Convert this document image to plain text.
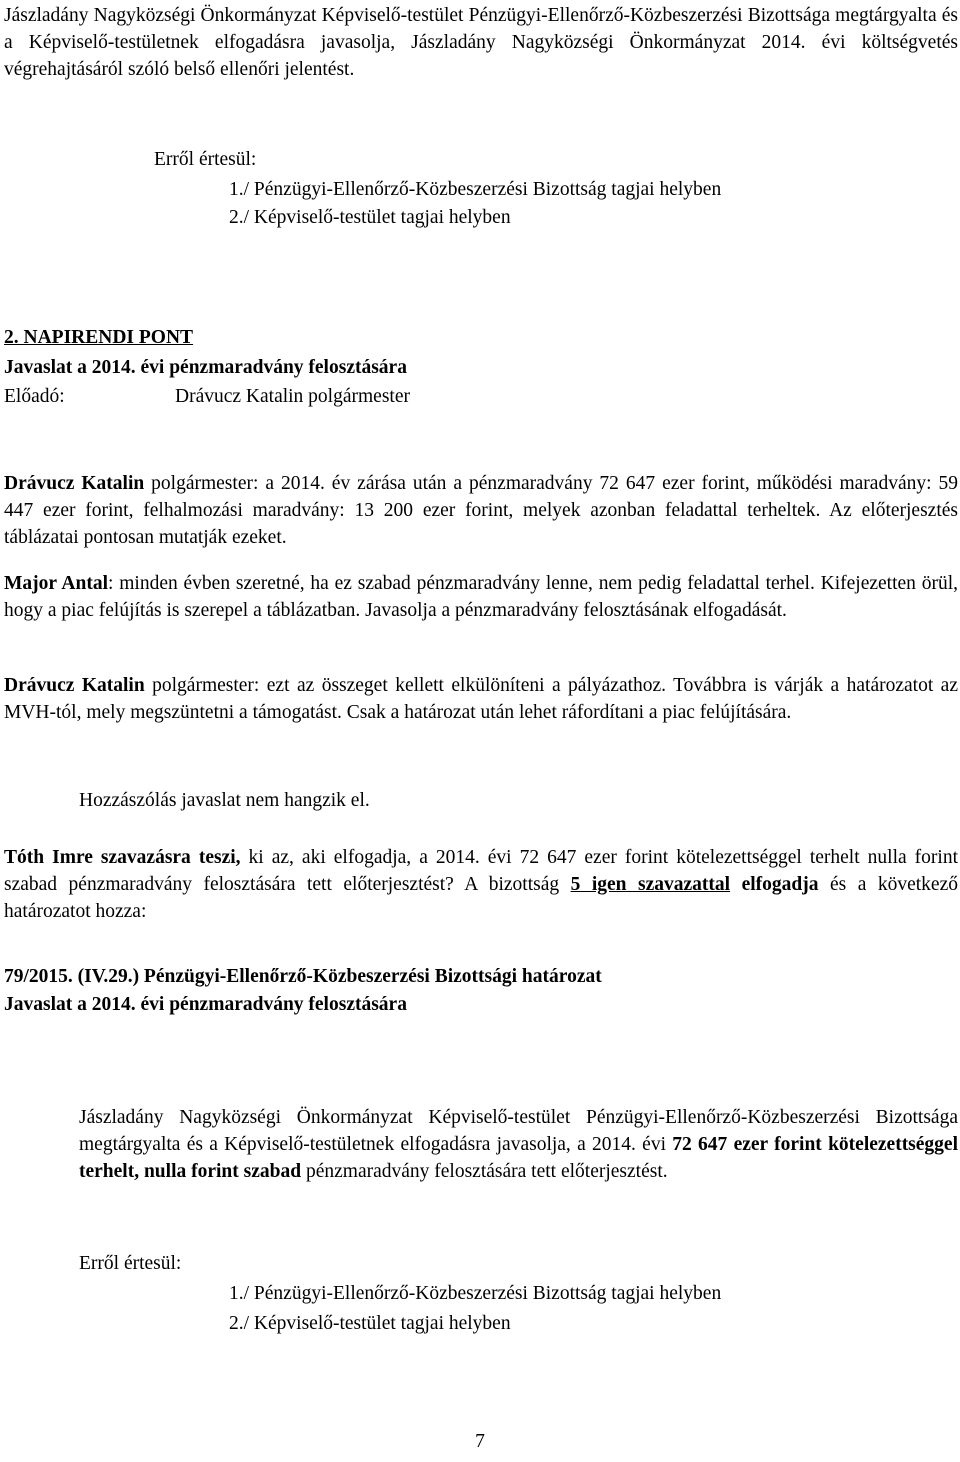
Jászladány Nagyközségi Önkormányzat Képviselő-testület Pénzügyi-Ellenőrző-Közbeszerzési Bizottsága megtárgyalta és a Képviselő-testületnek elfogadásra javasolja, Jászladány Nagyközségi Önkormányzat 2014. évi költségvetés végrehajtásáról szóló belső ellenőri jelentést.

Erről értesül:
1./ Pénzügyi-Ellenőrző-Közbeszerzési Bizottság tagjai helyben
2./ Képviselő-testület tagjai helyben
2. NAPIRENDI PONT
Javaslat a 2014. évi pénzmaradvány felosztására
Előadó:	Drávucz Katalin polgármester

Drávucz Katalin polgármester: a 2014. év zárása után a pénzmaradvány 72 647 ezer forint, működési maradvány: 59 447 ezer forint, felhalmozási maradvány: 13 200 ezer forint, melyek azonban feladattal terheltek. Az előterjesztés táblázatai pontosan mutatják ezeket.

Major Antal: minden évben szeretné, ha ez szabad pénzmaradvány lenne, nem pedig feladattal terhel. Kifejezetten örül, hogy a piac felújítás is szerepel a táblázatban. Javasolja a pénzmaradvány felosztásának elfogadását.

Drávucz Katalin polgármester: ezt az összeget kellett elkülöníteni a pályázathoz. Továbbra is várják a határozatot az MVH-tól, mely megszüntetni a támogatást. Csak a határozat után lehet ráfordítani a piac felújítására.

Hozzászólás javaslat nem hangzik el.

Tóth Imre szavazásra teszi, ki az, aki elfogadja, a 2014. évi 72 647 ezer forint kötelezettséggel terhelt nulla forint szabad pénzmaradvány felosztására tett előterjesztést? A bizottság 5 igen szavazattal elfogadja és a következő határozatot hozza:

79/2015. (IV.29.) Pénzügyi-Ellenőrző-Közbeszerzési Bizottsági határozat
Javaslat a 2014. évi pénzmaradvány felosztására

Jászladány Nagyközségi Önkormányzat Képviselő-testület Pénzügyi-Ellenőrző-Közbeszerzési Bizottsága megtárgyalta és a Képviselő-testületnek elfogadásra javasolja, a 2014. évi 72 647 ezer forint kötelezettséggel terhelt, nulla forint szabad pénzmaradvány felosztására tett előterjesztést.

Erről értesül:
1./ Pénzügyi-Ellenőrző-Közbeszerzési Bizottság tagjai helyben
2./ Képviselő-testület tagjai helyben
7
